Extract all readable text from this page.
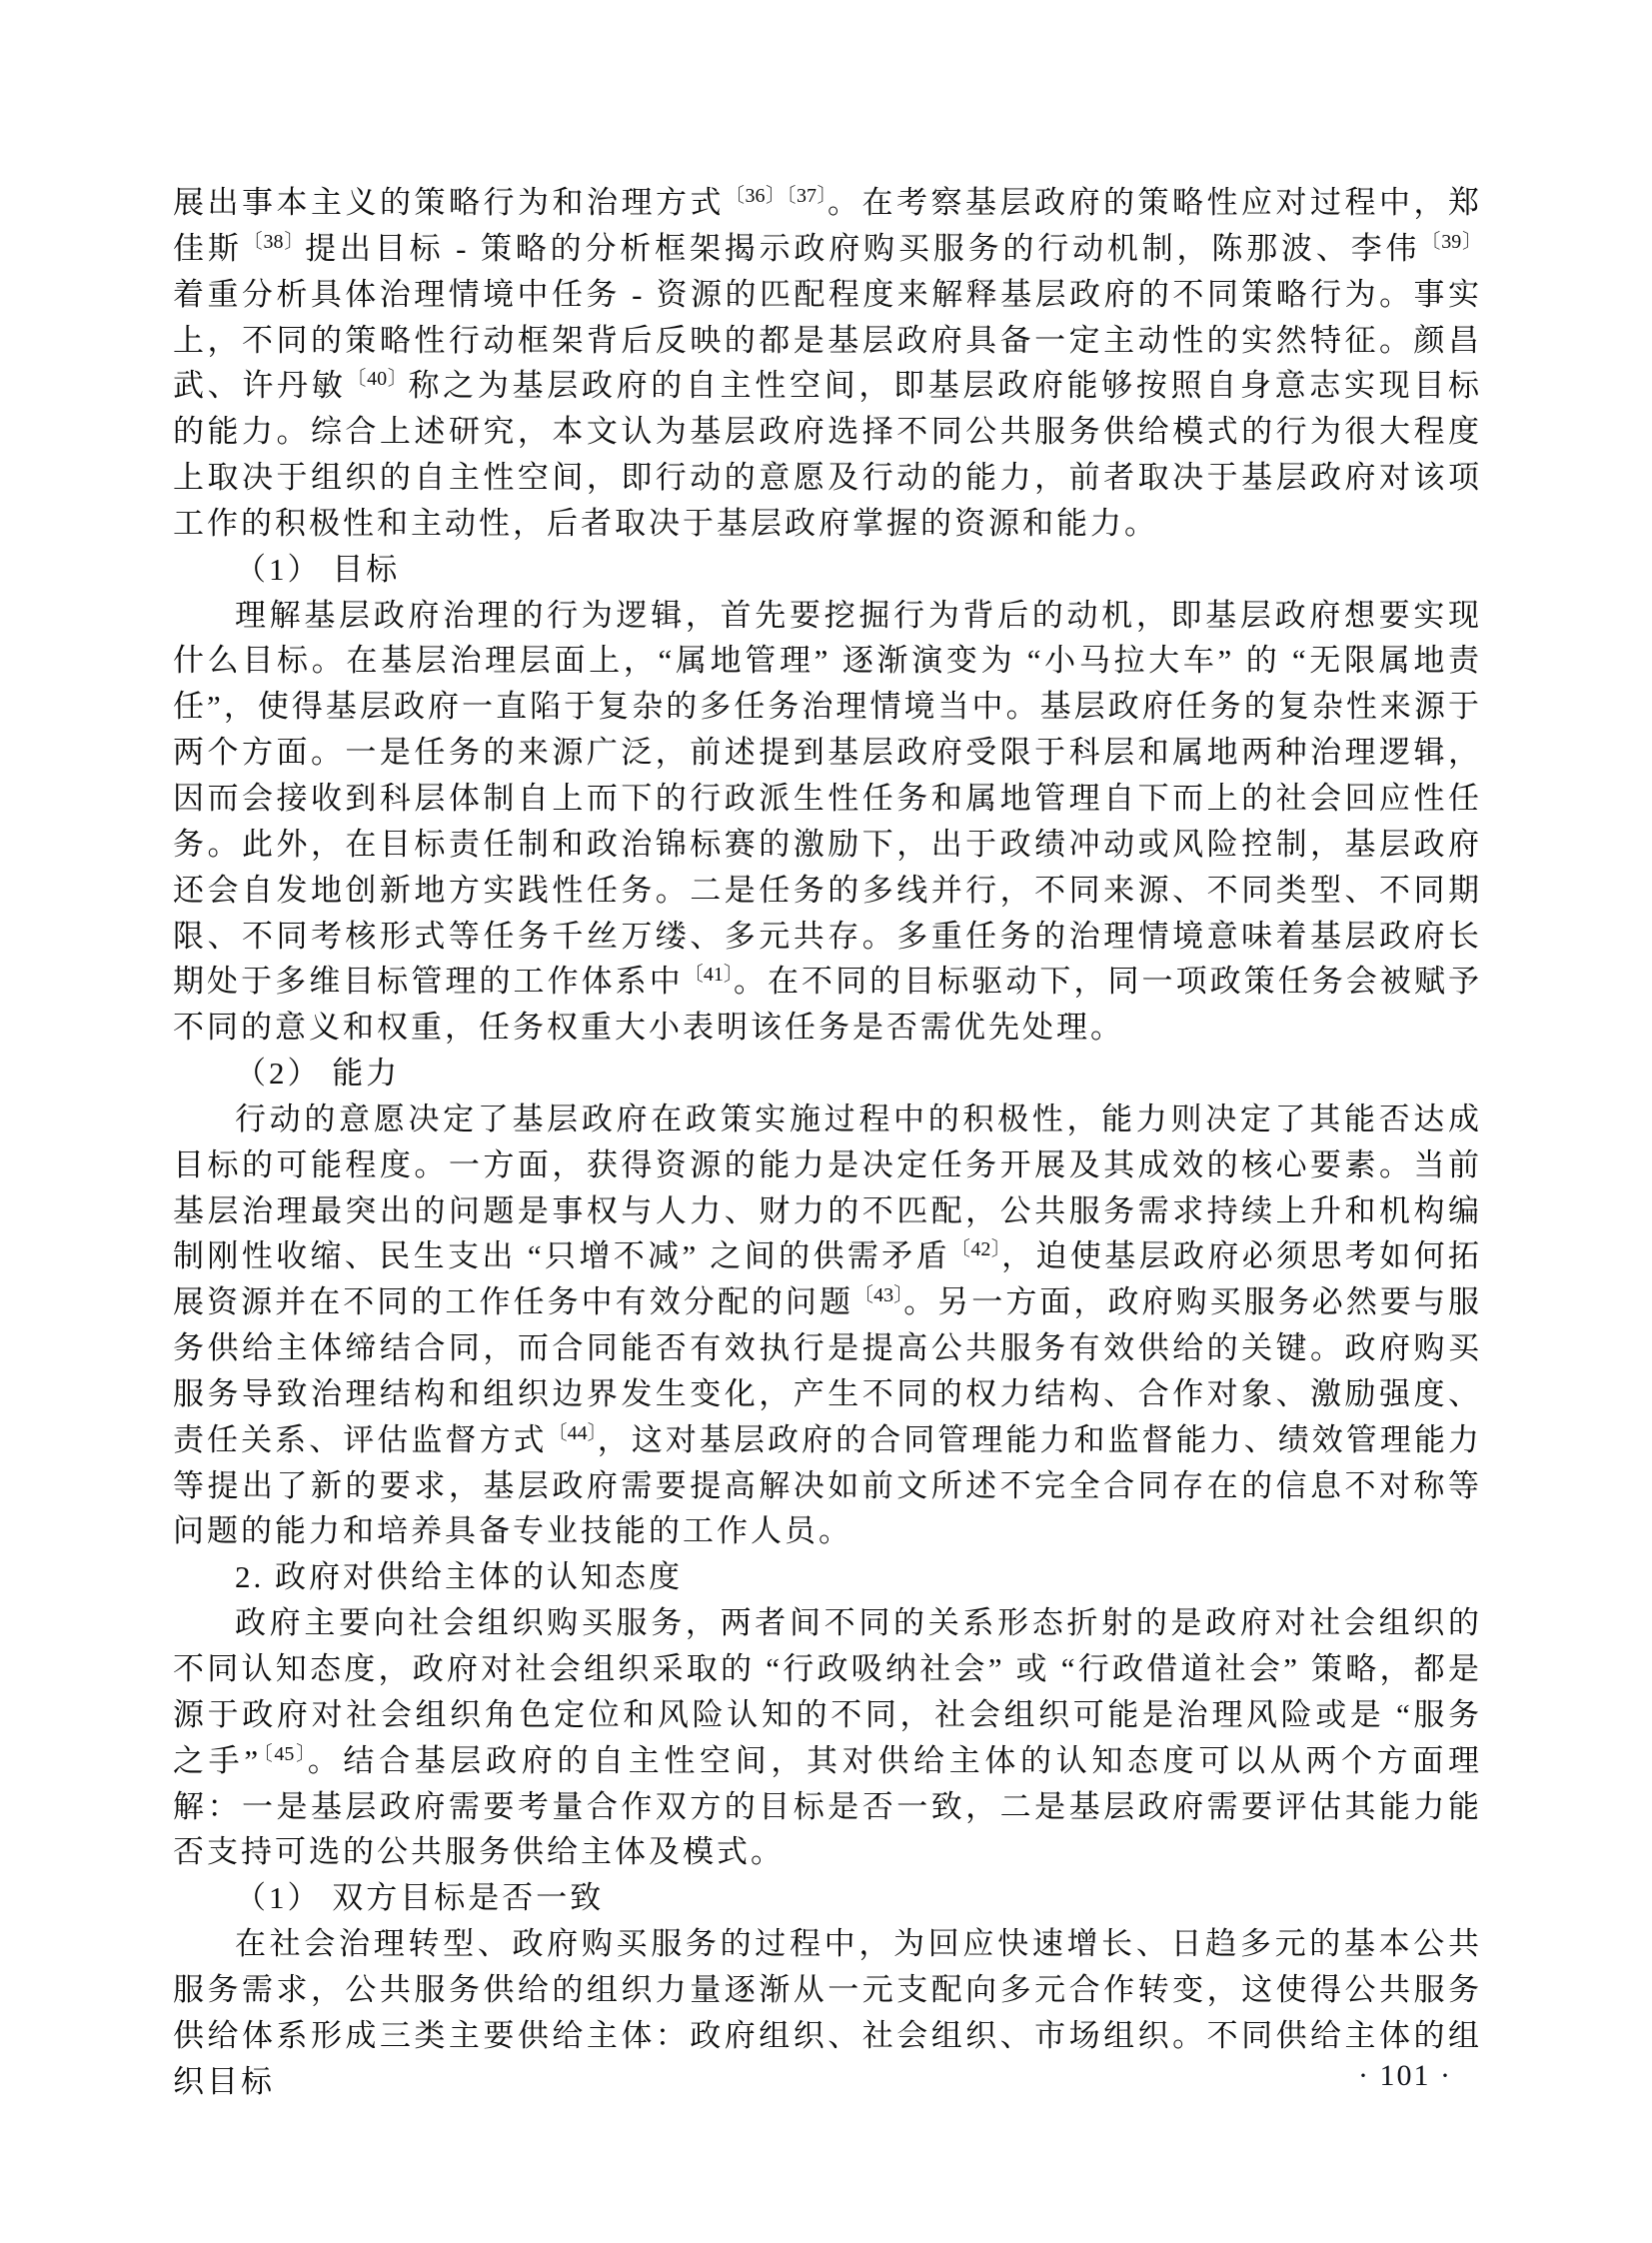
展出事本主义的策略行为和治理方式$^{〔36〕〔37〕}$。在考察基层政府的策略性应对过程中，郑佳斯$^{〔38〕}$提出目标 - 策略的分析框架揭示政府购买服务的行动机制，陈那波、李伟$^{〔39〕}$着重分析具体治理情境中任务 - 资源的匹配程度来解释基层政府的不同策略行为。事实上，不同的策略性行动框架背后反映的都是基层政府具备一定主动性的实然特征。颜昌武、许丹敏$^{〔40〕}$称之为基层政府的自主性空间，即基层政府能够按照自身意志实现目标的能力。综合上述研究，本文认为基层政府选择不同公共服务供给模式的行为很大程度上取决于组织的自主性空间，即行动的意愿及行动的能力，前者取决于基层政府对该项工作的积极性和主动性，后者取决于基层政府掌握的资源和能力。

（1） 目标

理解基层政府治理的行为逻辑，首先要挖掘行为背后的动机，即基层政府想要实现什么目标。在基层治理层面上，“属地管理” 逐渐演变为 “小马拉大车” 的 “无限属地责任”，使得基层政府一直陷于复杂的多任务治理情境当中。基层政府任务的复杂性来源于两个方面。一是任务的来源广泛，前述提到基层政府受限于科层和属地两种治理逻辑，因而会接收到科层体制自上而下的行政派生性任务和属地管理自下而上的社会回应性任务。此外，在目标责任制和政治锦标赛的激励下，出于政绩冲动或风险控制，基层政府还会自发地创新地方实践性任务。二是任务的多线并行，不同来源、不同类型、不同期限、不同考核形式等任务千丝万缕、多元共存。多重任务的治理情境意味着基层政府长期处于多维目标管理的工作体系中$^{〔41〕}$。在不同的目标驱动下，同一项政策任务会被赋予不同的意义和权重，任务权重大小表明该任务是否需优先处理。

（2） 能力

行动的意愿决定了基层政府在政策实施过程中的积极性，能力则决定了其能否达成目标的可能程度。一方面，获得资源的能力是决定任务开展及其成效的核心要素。当前基层治理最突出的问题是事权与人力、财力的不匹配，公共服务需求持续上升和机构编制刚性收缩、民生支出 “只增不减” 之间的供需矛盾$^{〔42〕}$，迫使基层政府必须思考如何拓展资源并在不同的工作任务中有效分配的问题$^{〔43〕}$。另一方面，政府购买服务必然要与服务供给主体缔结合同，而合同能否有效执行是提高公共服务有效供给的关键。政府购买服务导致治理结构和组织边界发生变化，产生不同的权力结构、合作对象、激励强度、责任关系、评估监督方式$^{〔44〕}$，这对基层政府的合同管理能力和监督能力、绩效管理能力等提出了新的要求，基层政府需要提高解决如前文所述不完全合同存在的信息不对称等问题的能力和培养具备专业技能的工作人员。

2. 政府对供给主体的认知态度

政府主要向社会组织购买服务，两者间不同的关系形态折射的是政府对社会组织的不同认知态度，政府对社会组织采取的 “行政吸纳社会” 或 “行政借道社会” 策略，都是源于政府对社会组织角色定位和风险认知的不同，社会组织可能是治理风险或是 “服务之手”$^{〔45〕}$。结合基层政府的自主性空间，其对供给主体的认知态度可以从两个方面理解：一是基层政府需要考量合作双方的目标是否一致，二是基层政府需要评估其能力能否支持可选的公共服务供给主体及模式。

（1） 双方目标是否一致

在社会治理转型、政府购买服务的过程中，为回应快速增长、日趋多元的基本公共服务需求，公共服务供给的组织力量逐渐从一元支配向多元合作转变，这使得公共服务供给体系形成三类主要供给主体：政府组织、社会组织、市场组织。不同供给主体的组织目标	· 101 ·
